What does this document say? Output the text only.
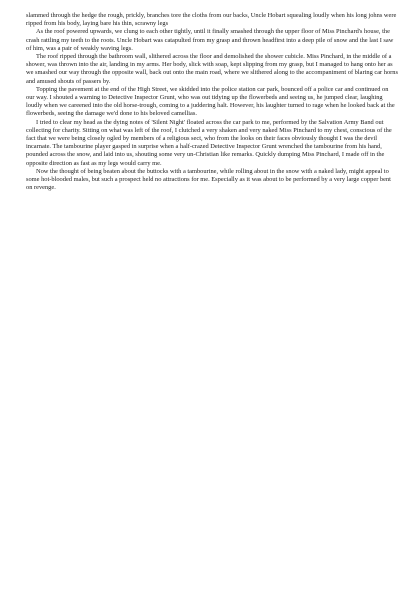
slammed through the hedge the rough, prickly, branches tore the cloths from our backs, Uncle Hobart squealing loudly when his long johns were ripped from his body, laying bare his thin, scrawny legs

As the roof powered upwards, we clung to each other tightly, until it finally smashed through the upper floor of Miss Pinchard's house, the crash rattling my teeth to the roots. Uncle Hobart was catapulted from my grasp and thrown headfirst into a deep pile of snow and the last I saw of him, was a pair of weakly waving legs.

The roof ripped through the bathroom wall, slithered across the floor and demolished the shower cubicle. Miss Pinchard, in the middle of a shower, was thrown into the air, landing in my arms. Her body, slick with soap, kept slipping from my grasp, but I managed to hang onto her as we smashed our way through the opposite wall, back out onto the main road, where we slithered along to the accompaniment of blaring car horns and amused shouts of passers by.

Topping the pavement at the end of the High Street, we skidded into the police station car park, bounced off a police car and continued on our way. I shouted a warning to Detective Inspector Grunt, who was out tidying up the flowerbeds and seeing us, he jumped clear, laughing loudly when we careened into the old horse-trough, coming to a juddering halt. However, his laughter turned to rage when he looked back at the flowerbeds, seeing the damage we'd done to his beloved camellias.

I tried to clear my head as the dying notes of 'Silent Night' floated across the car park to me, performed by the Salvation Army Band out collecting for charity. Sitting on what was left of the roof, I clutched a very shaken and very naked Miss Pinchard to my chest, conscious of the fact that we were being closely ogled by members of a religious sect, who from the looks on their faces obviously thought I was the devil incarnate. The tambourine player gasped in surprise when a half-crazed Detective Inspector Grunt wrenched the tambourine from his hand, pounded across the snow, and laid into us, shouting some very un-Christian like remarks. Quickly dumping Miss Pinchard, I made off in the opposite direction as fast as my legs would carry me.

Now the thought of being beaten about the buttocks with a tambourine, while rolling about in the snow with a naked lady, might appeal to some hot-blooded males, but such a prospect held no attractions for me. Especially as it was about to be performed by a very large copper bent on revenge.
